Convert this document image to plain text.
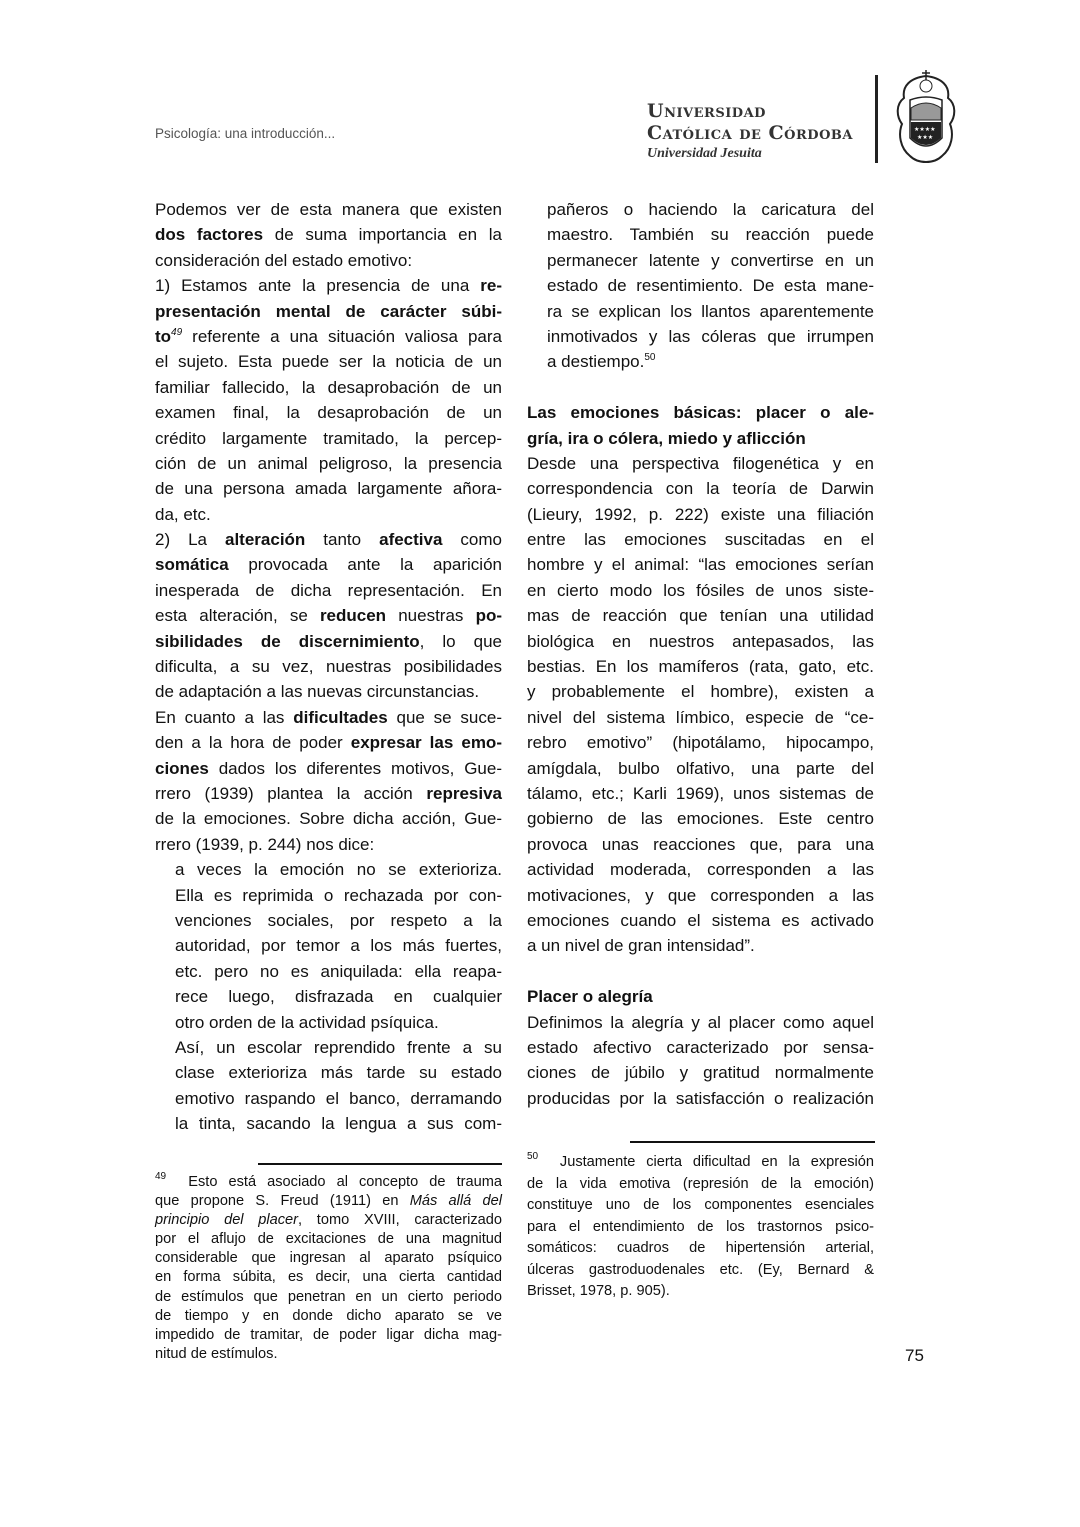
Psicología: una introducción...
Universidad
Católica de Córdoba
Universidad Jesuita
★★★★
★★★
Podemos ver de esta manera que existen
dos factores de suma importancia en la
consideración del estado emotivo:
1) Estamos ante la presencia de una re-
presentación mental de carácter súbi-
$to^{49}$ referente a una situación valiosa para
el sujeto. Esta puede ser la noticia de un
familiar fallecido, la desaprobación de un
examen final, la desaprobación de un
crédito largamente tramitado, la percep-
ción de un animal peligroso, la presencia
de una persona amada largamente añora-
da, etc.
2) La alteración tanto afectiva como
somática provocada ante la aparición
inesperada de dicha representación. En
esta alteración, se reducen nuestras po-
sibilidades de discernimiento, lo que
dificulta, a su vez, nuestras posibilidades
de adaptación a las nuevas circunstancias.
En cuanto a las dificultades que se suce-
den a la hora de poder expresar las emo-
ciones dados los diferentes motivos, Gue-
rrero (1939) plantea la acción represiva
de la emociones. Sobre dicha acción, Gue-
rrero (1939, p. 244) nos dice:
a veces la emoción no se exterioriza.
Ella es reprimida o rechazada por con-
venciones sociales, por respeto a la
autoridad, por temor a los más fuertes,
etc. pero no es aniquilada: ella reapa-
rece luego, disfrazada en cualquier
otro orden de la actividad psíquica.
Así, un escolar reprendido frente a su
clase exterioriza más tarde su estado
emotivo raspando el banco, derramando
la tinta, sacando la lengua a sus com-
pañeros o haciendo la caricatura del
maestro. También su reacción puede
permanecer latente y convertirse en un
estado de resentimiento. De esta mane-
ra se explican los llantos aparentemente
inmotivados y las cóleras que irrumpen
a destiempo.$^{50}$
Las emociones básicas: placer o ale-
gría, ira o cólera, miedo y aflicción
Desde una perspectiva filogenética y en
correspondencia con la teoría de Darwin
(Lieury, 1992, p. 222) existe una filiación
entre las emociones suscitadas en el
hombre y el animal: “las emociones serían
en cierto modo los fósiles de unos siste-
mas de reacción que tenían una utilidad
biológica en nuestros antepasados, las
bestias. En los mamíferos (rata, gato, etc.
y probablemente el hombre), existen a
nivel del sistema límbico, especie de “ce-
rebro emotivo” (hipotálamo, hipocampo,
amígdala, bulbo olfativo, una parte del
tálamo, etc.; Karli 1969), unos sistemas de
gobierno de las emociones. Este centro
provoca unas reacciones que, para una
actividad moderada, corresponden a las
motivaciones, y que corresponden a las
emociones cuando el sistema es activado
a un nivel de gran intensidad”.
Placer o alegría
Definimos la alegría y al placer como aquel
estado afectivo caracterizado por sensa-
ciones de júbilo y gratitud normalmente
producidas por la satisfacción o realización
$^{49}$  Esto está asociado al concepto de trauma
que propone S. Freud (1911) en Más allá del
principio del placer, tomo XVIII, caracterizado
por el aflujo de excitaciones de una magnitud
considerable que ingresan al aparato psíquico
en forma súbita, es decir, una cierta cantidad
de estímulos que penetran en un cierto periodo
de tiempo y en donde dicho aparato se ve
impedido de tramitar, de poder ligar dicha mag-
nitud de estímulos.
$^{50}$  Justamente cierta dificultad en la expresión
de la vida emotiva (represión de la emoción)
constituye uno de los componentes esenciales
para el entendimiento de los trastornos psico-
somáticos: cuadros de hipertensión arterial,
úlceras gastroduodenales etc. (Ey, Bernard &
Brisset, 1978, p. 905).
75
